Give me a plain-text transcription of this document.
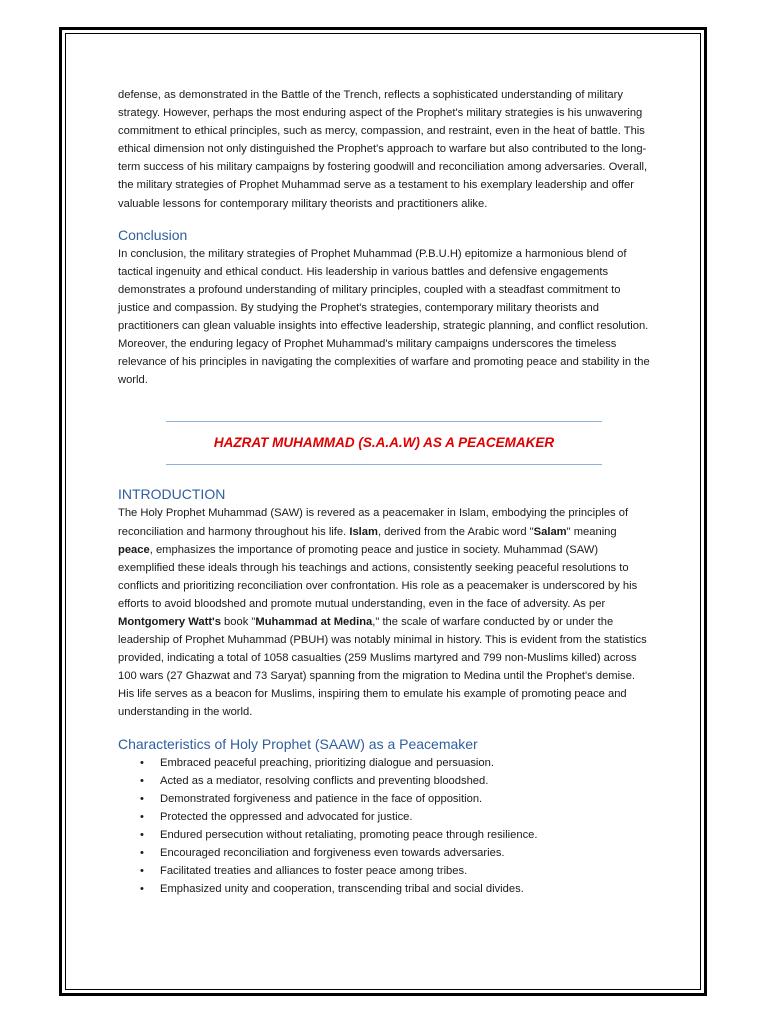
defense, as demonstrated in the Battle of the Trench, reflects a sophisticated understanding of military strategy. However, perhaps the most enduring aspect of the Prophet's military strategies is his unwavering commitment to ethical principles, such as mercy, compassion, and restraint, even in the heat of battle. This ethical dimension not only distinguished the Prophet's approach to warfare but also contributed to the long-term success of his military campaigns by fostering goodwill and reconciliation among adversaries. Overall, the military strategies of Prophet Muhammad serve as a testament to his exemplary leadership and offer valuable lessons for contemporary military theorists and practitioners alike.

Conclusion

In conclusion, the military strategies of Prophet Muhammad (P.B.U.H) epitomize a harmonious blend of tactical ingenuity and ethical conduct. His leadership in various battles and defensive engagements demonstrates a profound understanding of military principles, coupled with a steadfast commitment to justice and compassion. By studying the Prophet's strategies, contemporary military theorists and practitioners can glean valuable insights into effective leadership, strategic planning, and conflict resolution. Moreover, the enduring legacy of Prophet Muhammad's military campaigns underscores the timeless relevance of his principles in navigating the complexities of warfare and promoting peace and stability in the world.

HAZRAT MUHAMMAD (S.A.A.W) AS A PEACEMAKER
INTRODUCTION

The Holy Prophet Muhammad (SAW) is revered as a peacemaker in Islam, embodying the principles of reconciliation and harmony throughout his life. Islam, derived from the Arabic word "Salam" meaning peace, emphasizes the importance of promoting peace and justice in society. Muhammad (SAW) exemplified these ideals through his teachings and actions, consistently seeking peaceful resolutions to conflicts and prioritizing reconciliation over confrontation. His role as a peacemaker is underscored by his efforts to avoid bloodshed and promote mutual understanding, even in the face of adversity. As per Montgomery Watt's book "Muhammad at Medina," the scale of warfare conducted by or under the leadership of Prophet Muhammad (PBUH) was notably minimal in history. This is evident from the statistics provided, indicating a total of 1058 casualties (259 Muslims martyred and 799 non-Muslims killed) across 100 wars (27 Ghazwat and 73 Saryat) spanning from the migration to Medina until the Prophet's demise. His life serves as a beacon for Muslims, inspiring them to emulate his example of promoting peace and understanding in the world.

Characteristics of Holy Prophet (SAAW) as a Peacemaker
• Embraced peaceful preaching, prioritizing dialogue and persuasion.
• Acted as a mediator, resolving conflicts and preventing bloodshed.
• Demonstrated forgiveness and patience in the face of opposition.
• Protected the oppressed and advocated for justice.
• Endured persecution without retaliating, promoting peace through resilience.
• Encouraged reconciliation and forgiveness even towards adversaries.
• Facilitated treaties and alliances to foster peace among tribes.
• Emphasized unity and cooperation, transcending tribal and social divides.
